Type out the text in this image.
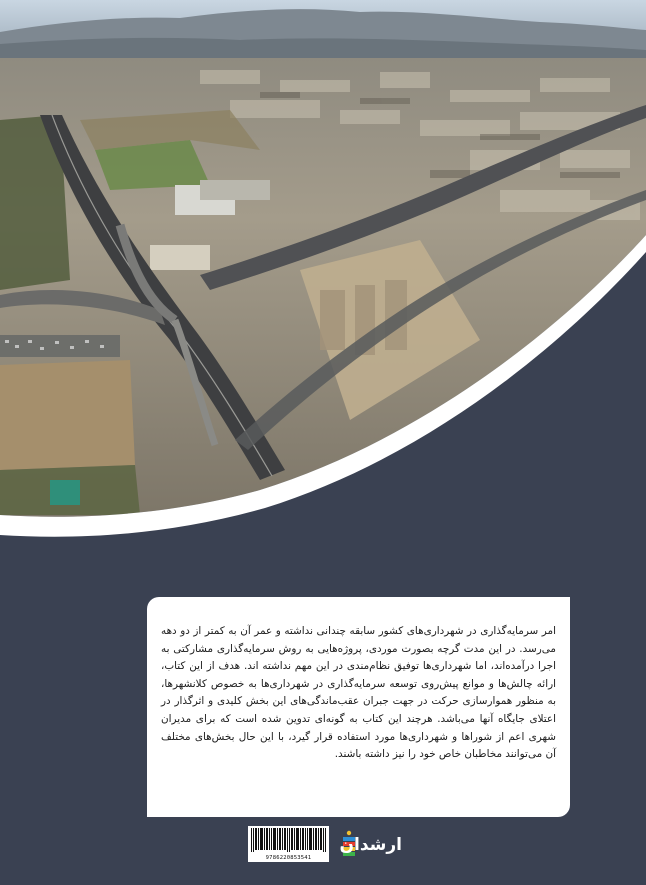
امر سرمایه‌گذاری در شهرداری‌های کشور سابقه چندانی نداشته و عمر آن به کمتر از دو دهه می‌رسد. در این مدت گرچه بصورت موردی، پروژه‌هایی به روش سرمایه‌گذاری مشارکتی به اجرا درآمده‌اند، اما شهرداری‌ها توفیق نظام‌مندی در این مهم نداشته اند. هدف از این کتاب، ارائه چالش‌ها و موانع پیش‌روی توسعه سرمایه‌گذاری در شهرداری‌ها به خصوص کلانشهرها، به منظور هموارسازی حرکت در جهت جبران عقب‌ماندگی‌های این بخش کلیدی و اثرگذار در اعتلای جایگاه آنها می‌باشد. هرچند این کتاب به گونه‌ای تدوین شده است که برای مدیران شهری اعم از شوراها و شهرداری‌ها مورد استفاده قرار گیرد، با این حال بخش‌های مختلف آن می‌توانند مخاطبان خاص خود را نیز داشته باشند.

9786220853541
ارشدان
